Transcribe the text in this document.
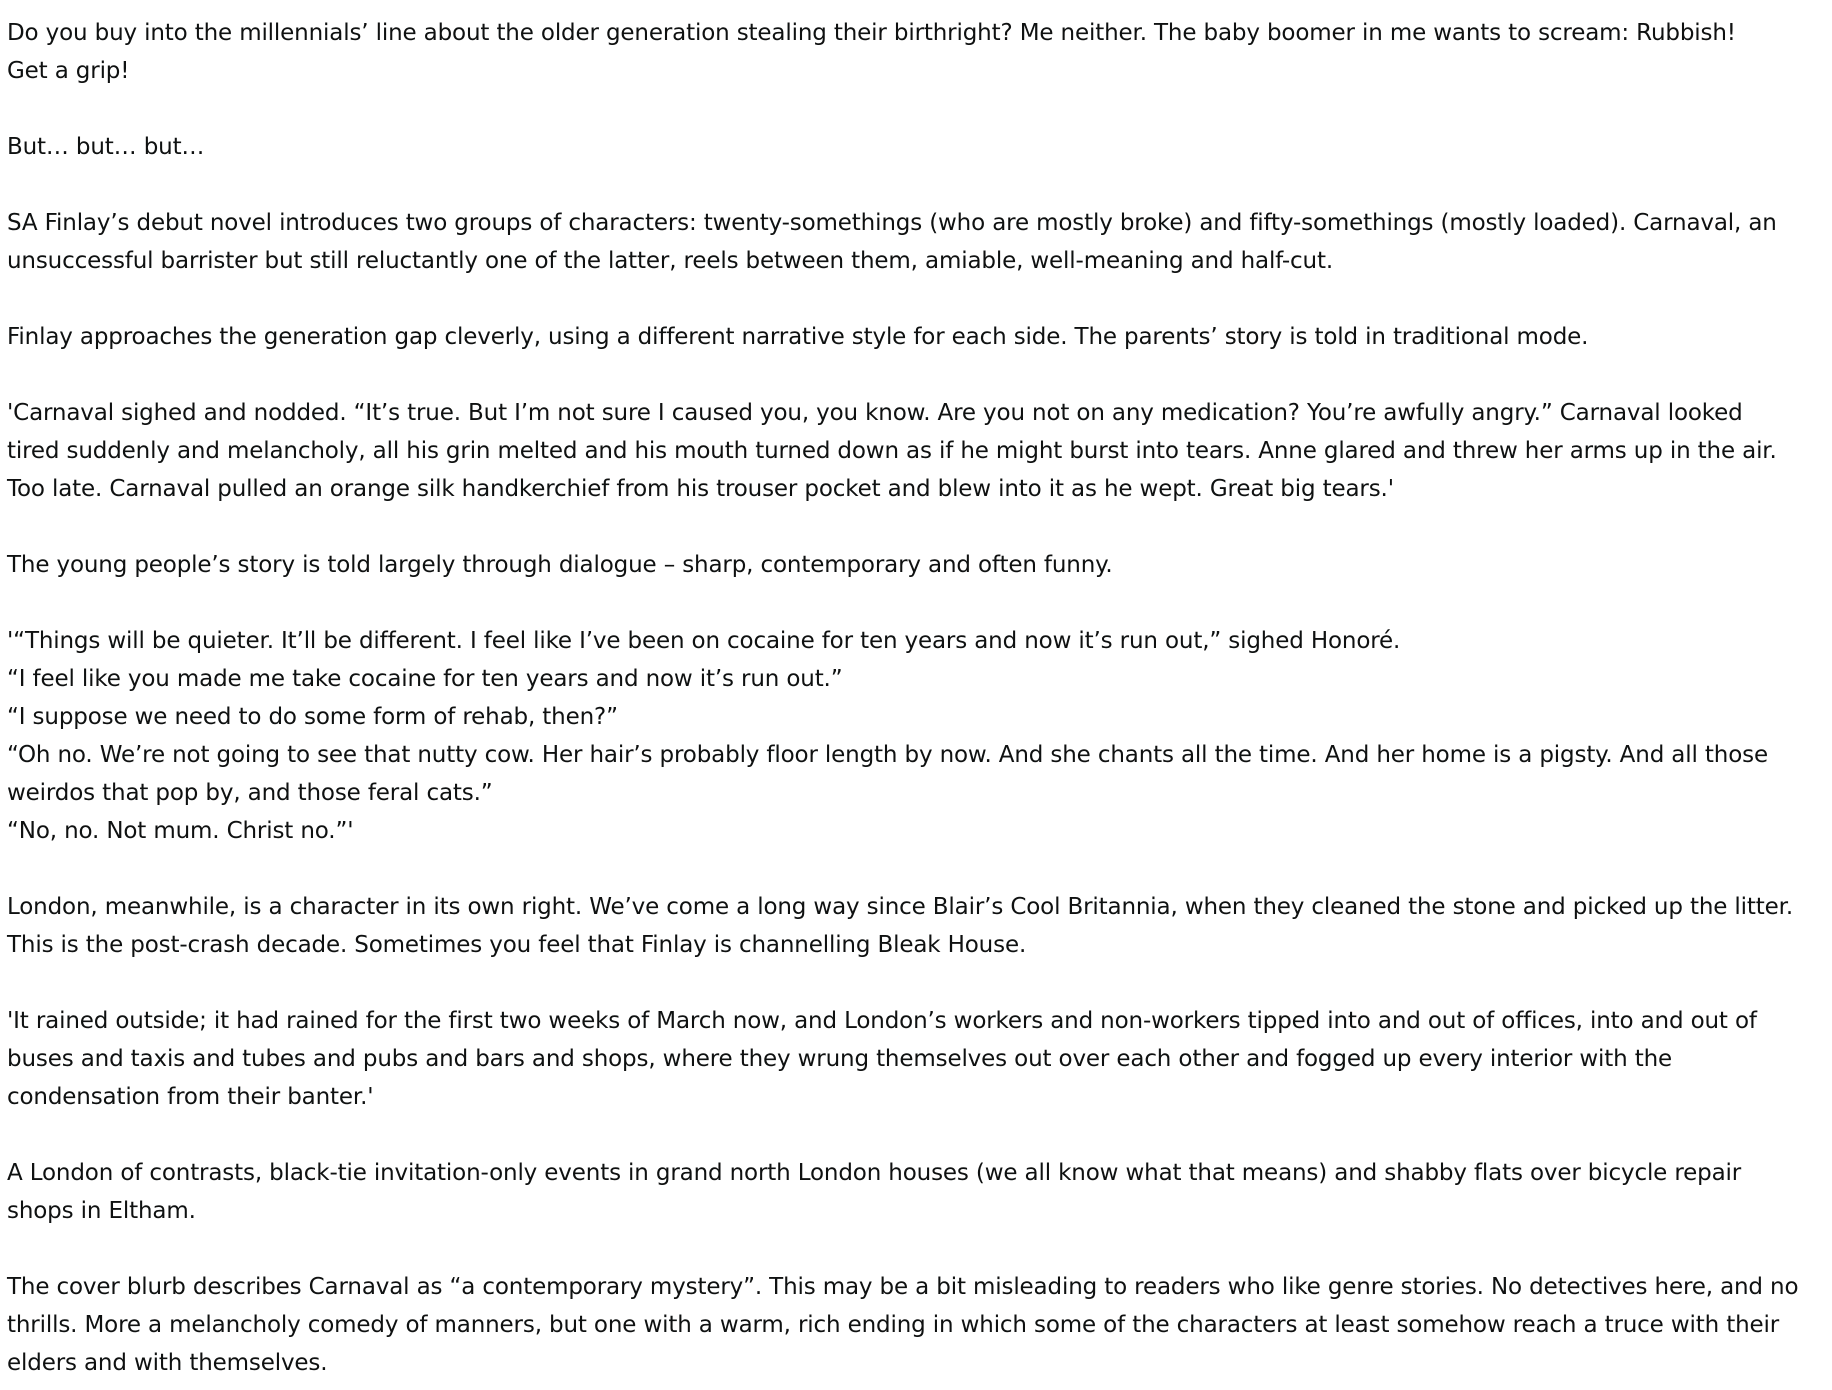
Do you buy into the millennials’ line about the older generation stealing their birthright? Me neither. The baby boomer in me wants to scream: Rubbish!
Get a grip!

But… but… but…

SA Finlay’s debut novel introduces two groups of characters: twenty-somethings (who are mostly broke) and fifty-somethings (mostly loaded). Carnaval, an
unsuccessful barrister but still reluctantly one of the latter, reels between them, amiable, well-meaning and half-cut.

Finlay approaches the generation gap cleverly, using a different narrative style for each side. The parents’ story is told in traditional mode.

'Carnaval sighed and nodded. “It’s true. But I’m not sure I caused you, you know. Are you not on any medication? You’re awfully angry.” Carnaval looked
tired suddenly and melancholy, all his grin melted and his mouth turned down as if he might burst into tears. Anne glared and threw her arms up in the air.
Too late. Carnaval pulled an orange silk handkerchief from his trouser pocket and blew into it as he wept. Great big tears.'

The young people’s story is told largely through dialogue – sharp, contemporary and often funny.

'“Things will be quieter. It’ll be different. I feel like I’ve been on cocaine for ten years and now it’s run out,” sighed Honoré.
“I feel like you made me take cocaine for ten years and now it’s run out.”
“I suppose we need to do some form of rehab, then?”
“Oh no. We’re not going to see that nutty cow. Her hair’s probably floor length by now. And she chants all the time. And her home is a pigsty. And all those
weirdos that pop by, and those feral cats.”
“No, no. Not mum. Christ no.”'

London, meanwhile, is a character in its own right. We’ve come a long way since Blair’s Cool Britannia, when they cleaned the stone and picked up the litter.
This is the post-crash decade. Sometimes you feel that Finlay is channelling Bleak House.

'It rained outside; it had rained for the first two weeks of March now, and London’s workers and non-workers tipped into and out of offices, into and out of
buses and taxis and tubes and pubs and bars and shops, where they wrung themselves out over each other and fogged up every interior with the
condensation from their banter.'

A London of contrasts, black-tie invitation-only events in grand north London houses (we all know what that means) and shabby flats over bicycle repair
shops in Eltham.

The cover blurb describes Carnaval as “a contemporary mystery”. This may be a bit misleading to readers who like genre stories. No detectives here, and no
thrills. More a melancholy comedy of manners, but one with a warm, rich ending in which some of the characters at least somehow reach a truce with their
elders and with themselves.
